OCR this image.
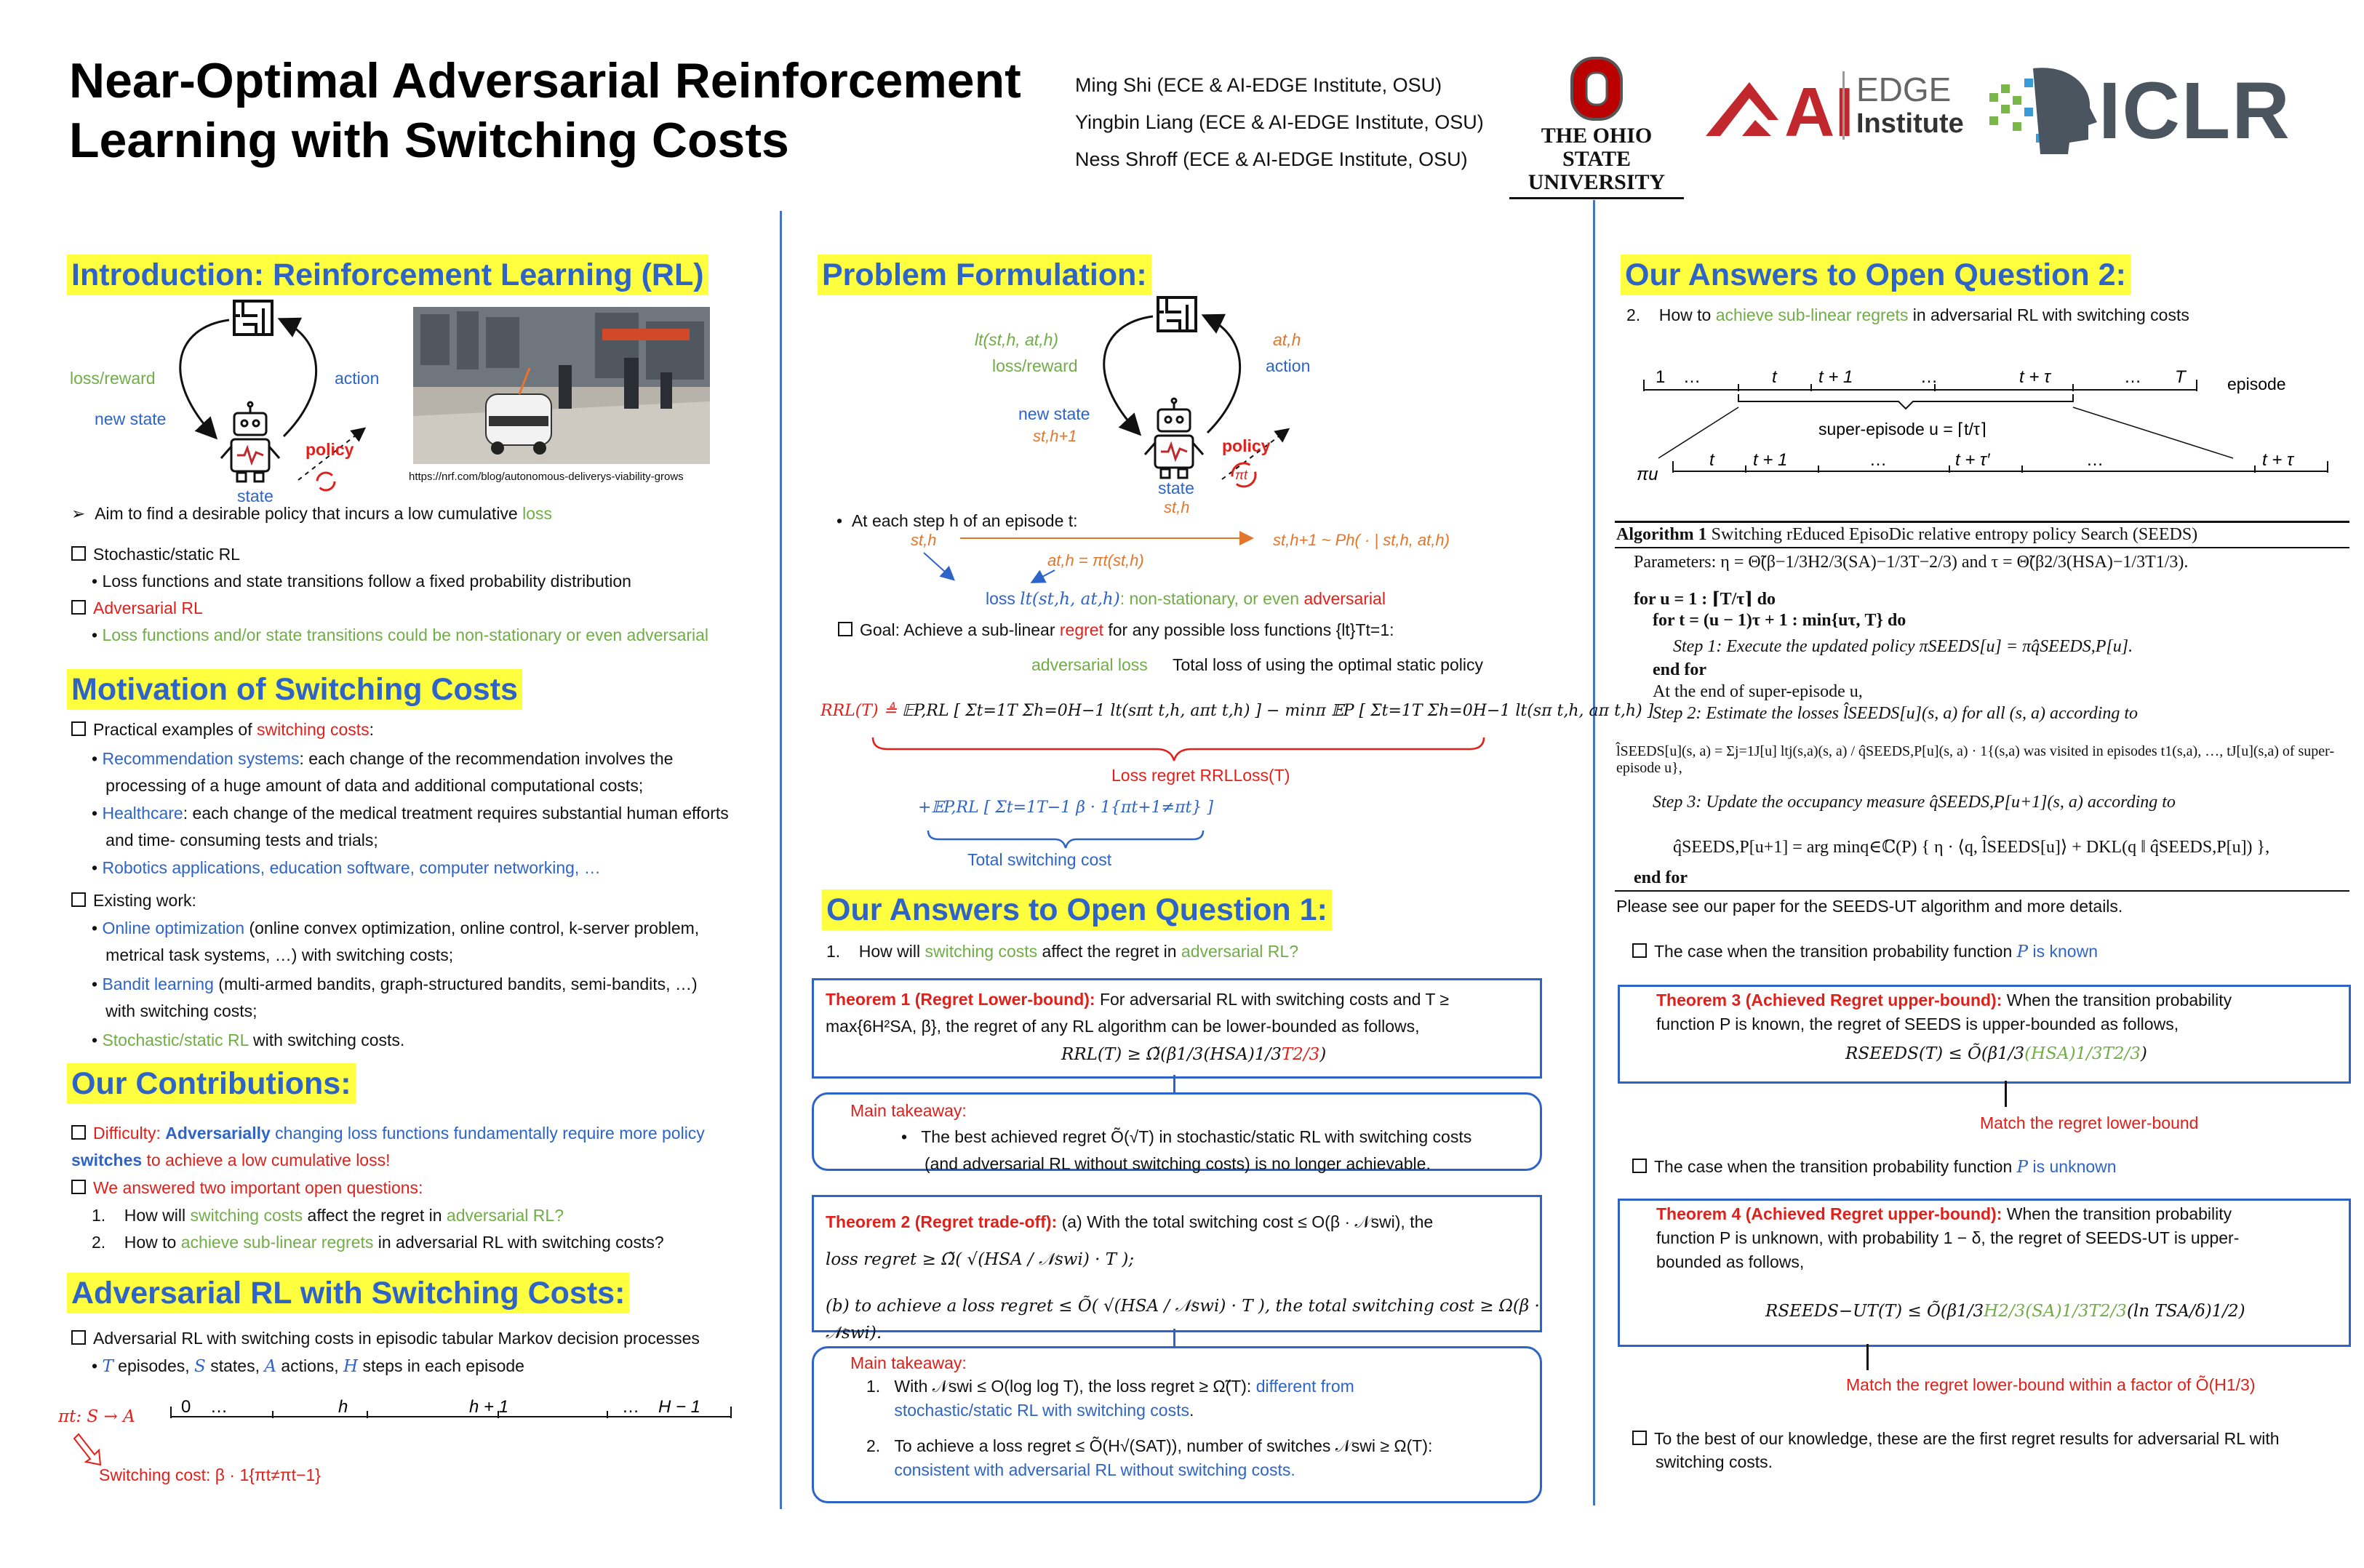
Near-Optimal Adversarial Reinforcement
Learning with Switching Costs
Ming Shi (ECE & AI-EDGE Institute, OSU)
Yingbin Liang (ECE & AI-EDGE Institute, OSU)
Ness Shroff (ECE & AI-EDGE Institute, OSU)
THE OHIO STATE
UNIVERSITY
AI EDGE
Institute ICLR
Introduction: Reinforcement Learning (RL)
loss/reward
new state
action
state
policy
https://nrf.com/blog/autonomous-deliverys-viability-grows
➢  Aim to find a desirable policy that incurs a low cumulative loss
Stochastic/static RL
• Loss functions and state transitions follow a fixed probability distribution
Adversarial RL
• Loss functions and/or state transitions could be non-stationary or even adversarial
Motivation of Switching Costs
Practical examples of switching costs:
• Recommendation systems: each change of the recommendation involves the
processing of a huge amount of data and additional computational costs;
• Healthcare: each change of the medical treatment requires substantial human efforts
and time- consuming tests and trials;
• Robotics applications, education software, computer networking, …
Existing work:
• Online optimization (online convex optimization, online control, k-server problem,
metrical task systems, …) with switching costs;
• Bandit learning (multi-armed bandits, graph-structured bandits, semi-bandits, …)
with switching costs;
• Stochastic/static RL with switching costs.
Our Contributions:
Difficulty: Adversarially changing loss functions fundamentally require more policy
switches to achieve a low cumulative loss!
We answered two important open questions:
1. How will switching costs affect the regret in adversarial RL?
2. How to achieve sub-linear regrets in adversarial RL with switching costs?
Adversarial RL with Switching Costs:
Adversarial RL with switching costs in episodic tabular Markov decision processes
• T episodes, S states, A actions, H steps in each episode
πt: S → A	0 …	h	h + 1	… H − 1
Switching cost: β · 1{πt≠πt−1}
Problem Formulation:
lt(st,h, at,h)
loss/reward
new state
st,h+1
at,h
action
state
st,h
policy
πt
•  At each step h of an episode t:
st,h
at,h = πt(st,h)
st,h+1 ~ Ph( · | st,h, at,h)
loss lt(st,h, at,h): non-stationary, or even adversarial
Goal: Achieve a sub-linear regret for any possible loss functions {lt}Tt=1:
adversarial loss Total loss of using the optimal static policy
RRL(T) ≜ 𝔼P,RL [ Σt=1T Σh=0H−1 lt(sπt t,h, aπt t,h) ] − minπ 𝔼P [ Σt=1T Σh=0H−1 lt(sπ t,h, aπ t,h) ]
Loss regret RRLLoss(T)
+𝔼P,RL [ Σt=1T−1 β · 1{πt+1≠πt} ]
Total switching cost
Our Answers to Open Question 1:
1. How will switching costs affect the regret in adversarial RL?
Theorem 1 (Regret Lower-bound): For adversarial RL with switching costs and T ≥
max{6H²SA, β}, the regret of any RL algorithm can be lower-bounded as follows,
RRL(T) ≥ Ω̃(β1/3(HSA)1/3T2/3)
Main takeaway:
•   The best achieved regret Õ(√T) in stochastic/static RL with switching costs
(and adversarial RL without switching costs) is no longer achievable.
Theorem 2 (Regret trade-off): (a) With the total switching cost ≤ O(β · 𝒩swi), the
loss regret ≥ Ω̃( √(HSA / 𝒩swi) · T );
(b) to achieve a loss regret ≤ Õ( √(HSA / 𝒩swi) · T ), the total switching cost ≥ Ω(β · 𝒩swi).
Main takeaway:
1.   With 𝒩swi ≤ O(log log T), the loss regret ≥ Ω̃(T): different from
stochastic/static RL with switching costs.
2.   To achieve a loss regret ≤ Õ(H√(SAT)), number of switches 𝒩swi ≥ Ω(T):
consistent with adversarial RL without switching costs.
Our Answers to Open Question 2:
2. How to achieve sub-linear regrets in adversarial RL with switching costs
1 …	t t + 1	…	t + τ	… T episode
super-episode u = ⌈t/τ⌉
πu
t t + 1	…	t + τ′	…	t + τ
Algorithm 1 Switching rEduced EpisoDic relative entropy policy Search (SEEDS)
Parameters: η = Θ̃(β−1/3H2/3(SA)−1/3T−2/3) and τ = Θ̃(β2/3(HSA)−1/3T1/3).
for u = 1 : ⌈T/τ⌉ do
for t = (u − 1)τ + 1 : min{uτ, T} do
Step 1: Execute the updated policy πSEEDS[u] = πq̂SEEDS,P[u].
end for
At the end of super-episode u,
Step 2: Estimate the losses l̂SEEDS[u](s, a) for all (s, a) according to
l̂SEEDS[u](s, a) = Σj=1J[u] ltj(s,a)(s, a) / q̂SEEDS,P[u](s, a) · 1{(s,a) was visited in episodes t1(s,a), …, tJ[u](s,a) of super-episode u},
Step 3: Update the occupancy measure q̂SEEDS,P[u+1](s, a) according to
q̂SEEDS,P[u+1] = arg minq∈ℂ(P) { η · ⟨q, l̂SEEDS[u]⟩ + DKL(q ‖ q̂SEEDS,P[u]) },
end for
Please see our paper for the SEEDS-UT algorithm and more details.
The case when the transition probability function P is known
Theorem 3 (Achieved Regret upper-bound): When the transition probability
function P is known, the regret of SEEDS is upper-bounded as follows,
RSEEDS(T) ≤ Õ(β1/3(HSA)1/3T2/3)
Match the regret lower-bound
The case when the transition probability function P is unknown
Theorem 4 (Achieved Regret upper-bound): When the transition probability
function P is unknown, with probability 1 − δ, the regret of SEEDS-UT is upper-
bounded as follows,
RSEEDS−UT(T) ≤ Õ(β1/3H2/3(SA)1/3T2/3(ln TSA/δ)1/2)
Match the regret lower-bound within a factor of Õ(H1/3)
To the best of our knowledge, these are the first regret results for adversarial RL with
switching costs.
